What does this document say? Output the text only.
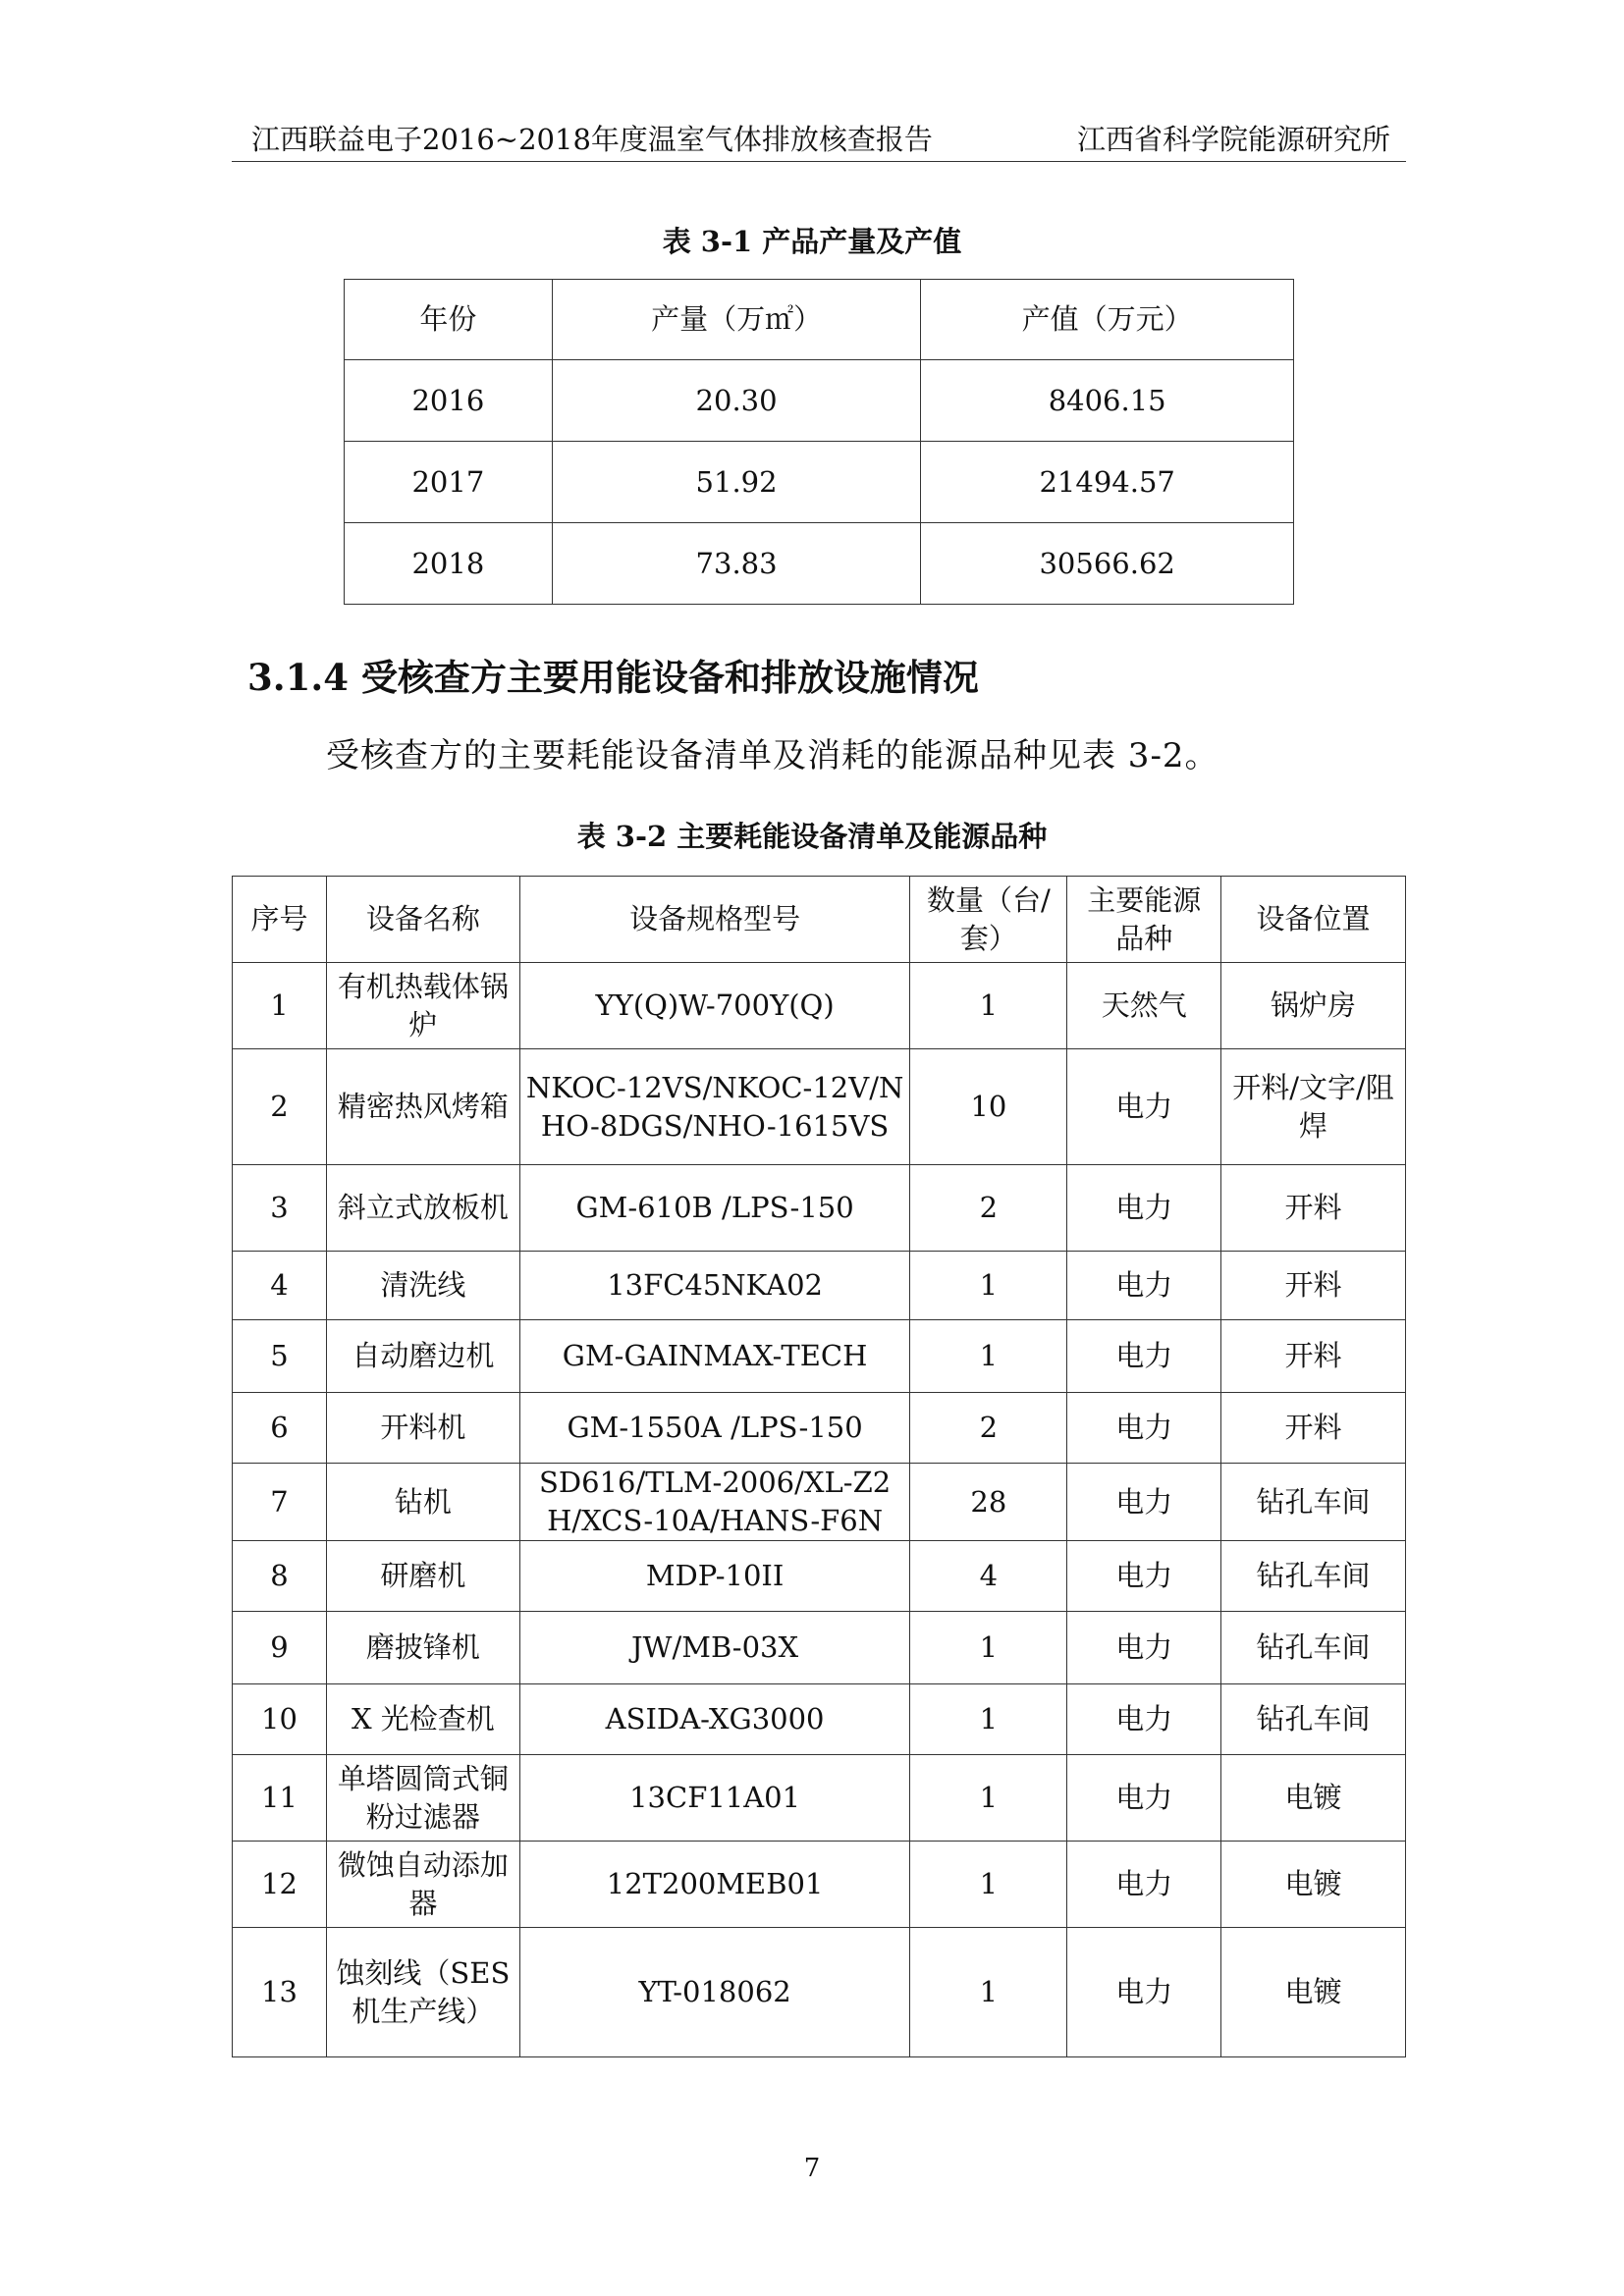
江西联益电子2016~2018年度温室气体排放核查报告	江西省科学院能源研究所
表 3-1 产品产量及产值
年份	产量（万㎡）	产值（万元）
2016	20.30	8406.15
2017	51.92	21494.57
2018	73.83	30566.62
3.1.4 受核查方主要用能设备和排放设施情况
受核查方的主要耗能设备清单及消耗的能源品种见表 3-2。
表 3-2 主要耗能设备清单及能源品种
序号	设备名称	设备规格型号	数量（台/套）	主要能源品种	设备位置
1	有机热载体锅炉	YY(Q)W-700Y(Q)	1	天然气	锅炉房
2	精密热风烤箱	NKOC-12VS/NKOC-12V/NHO-8DGS/NHO-1615VS	10	电力	开料/文字/阻焊
3	斜立式放板机	GM-610B /LPS-150	2	电力	开料
4	清洗线	13FC45NKA02	1	电力	开料
5	自动磨边机	GM-GAINMAX-TECH	1	电力	开料
6	开料机	GM-1550A /LPS-150	2	电力	开料
7	钻机	SD616/TLM-2006/XL-Z2H/XCS-10A/HANS-F6N	28	电力	钻孔车间
8	研磨机	MDP-10II	4	电力	钻孔车间
9	磨披锋机	JW/MB-03X	1	电力	钻孔车间
10	X 光检查机	ASIDA-XG3000	1	电力	钻孔车间
11	单塔圆筒式铜粉过滤器	13CF11A01	1	电力	电镀
12	微蚀自动添加器	12T200MEB01	1	电力	电镀
13	蚀刻线（SES 机生产线）	YT-018062	1	电力	电镀
7
